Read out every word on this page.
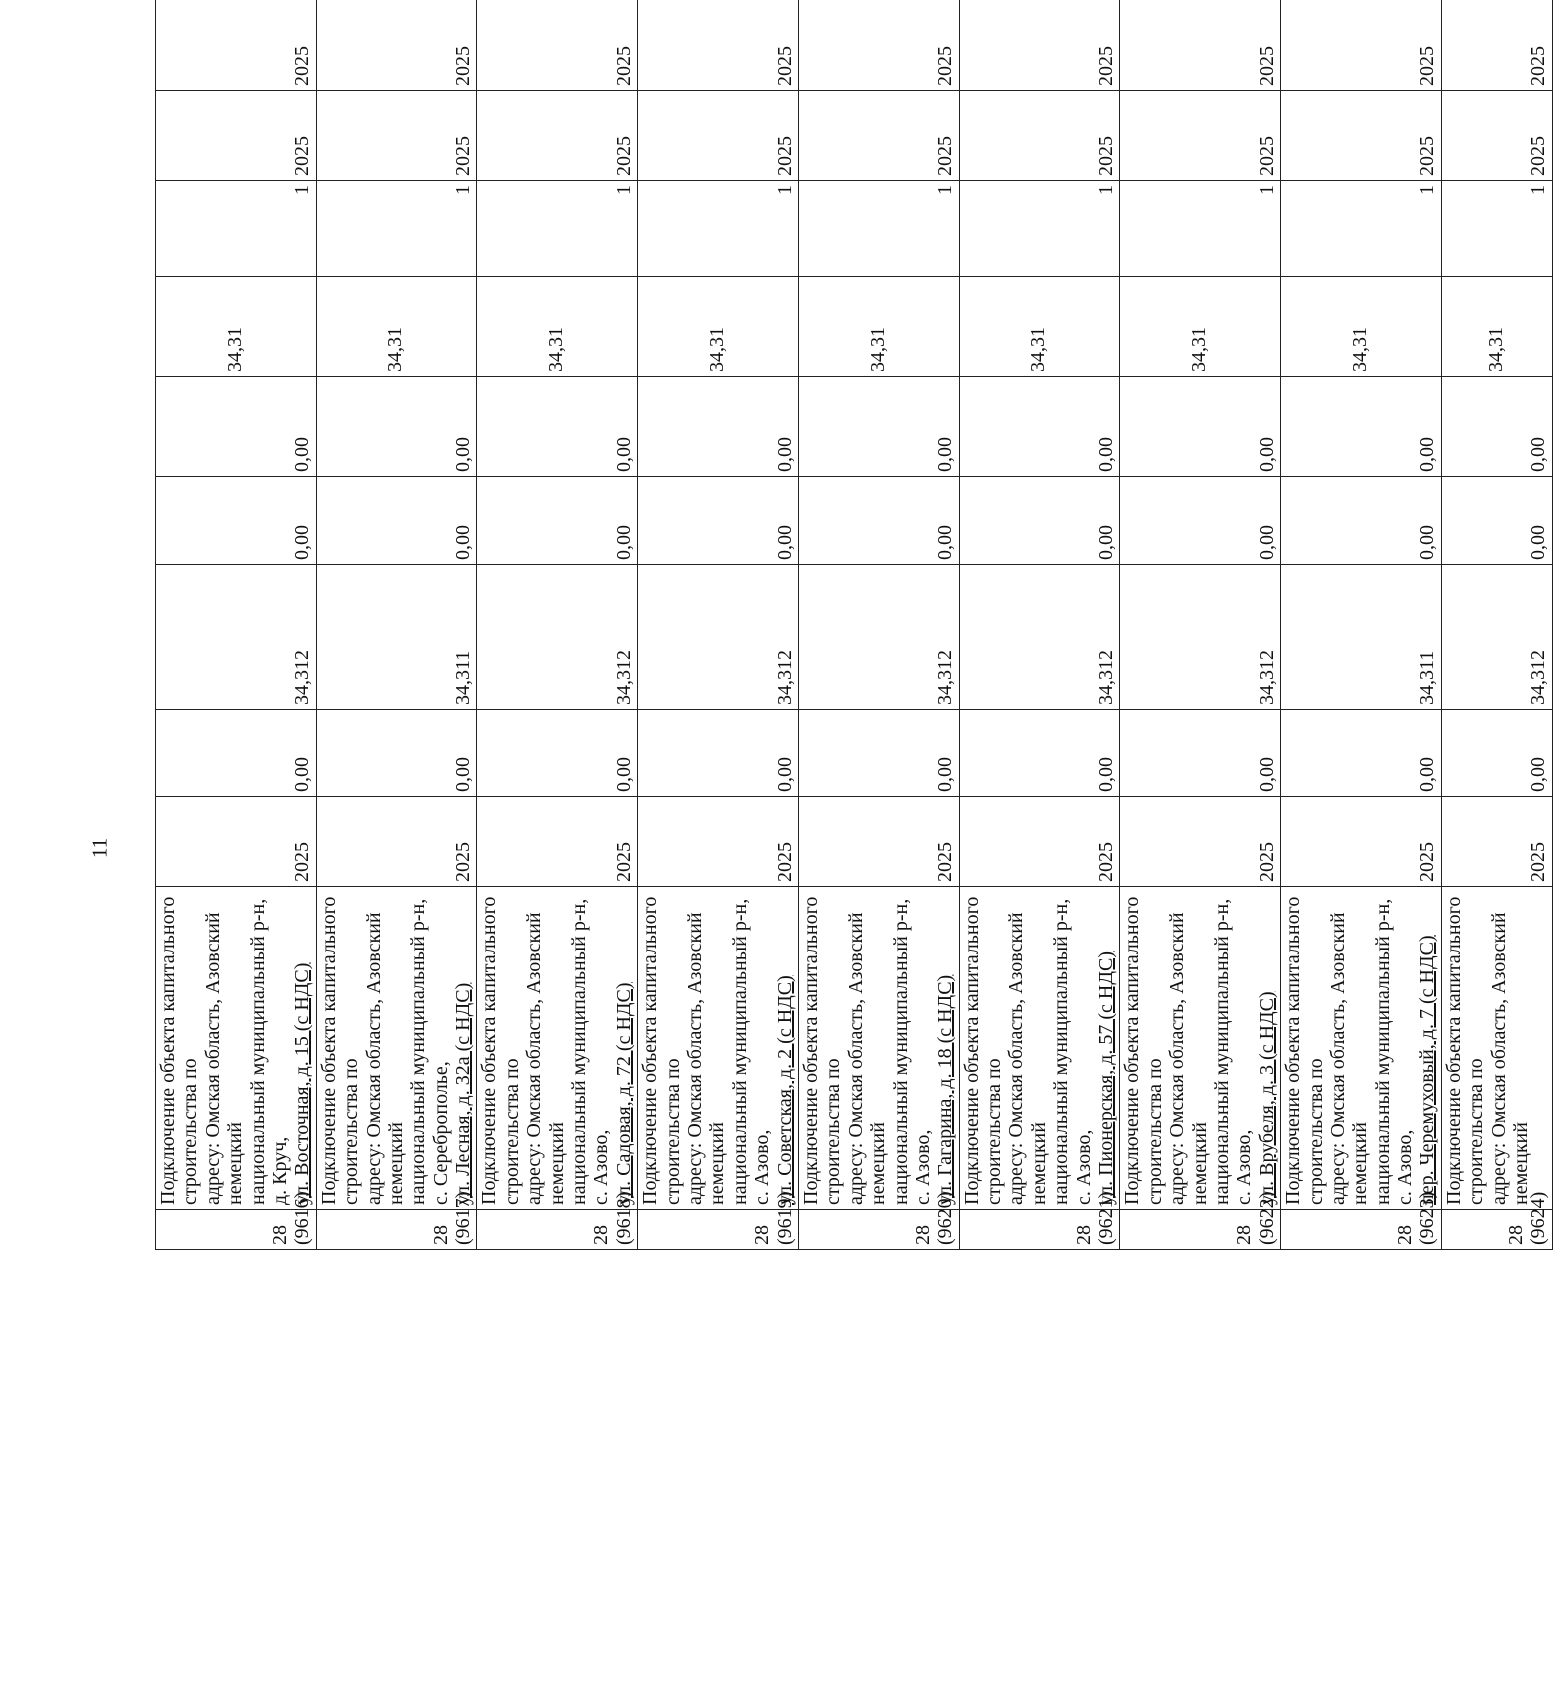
11
28 (9616)	Подключение объекта капитального строительства по адресу: Омская область, Азовский немецкий национальный муниципальный р-н, д. Круч, ул. Восточная, д. 15 (с НДС)	2025	0,00	34,312	0,00	0,00	34,31	1	2025	2025	

28 (9617)	Подключение объекта капитального строительства по адресу: Омская область, Азовский немецкий национальный муниципальный р-н, с. Сереброполье, ул. Лесная, д. 32а (с НДС)	2025	0,00	34,311	0,00	0,00	34,31	1	2025	2025	

28 (9618)	Подключение объекта капитального строительства по адресу: Омская область, Азовский немецкий национальный муниципальный р-н, с. Азово, ул. Садовая, д. 72 (с НДС)	2025	0,00	34,312	0,00	0,00	34,31	1	2025	2025	

28 (9619)	Подключение объекта капитального строительства по адресу: Омская область, Азовский немецкий национальный муниципальный р-н, с. Азово, ул. Советская, д. 2 (с НДС)	2025	0,00	34,312	0,00	0,00	34,31	1	2025	2025	

28 (9620)	Подключение объекта капитального строительства по адресу: Омская область, Азовский немецкий национальный муниципальный р-н, с. Азово, ул. Гагарина, д. 18 (с НДС)	2025	0,00	34,312	0,00	0,00	34,31	1	2025	2025	

28 (9621)	Подключение объекта капитального строительства по адресу: Омская область, Азовский немецкий национальный муниципальный р-н, с. Азово, ул. Пионерская, д. 57 (с НДС)	2025	0,00	34,312	0,00	0,00	34,31	1	2025	2025	

28 (9622)	Подключение объекта капитального строительства по адресу: Омская область, Азовский немецкий национальный муниципальный р-н, с. Азово, ул. Врубеля, д. 3 (с НДС)	2025	0,00	34,312	0,00	0,00	34,31	1	2025	2025	

28 (9623)	Подключение объекта капитального строительства по адресу: Омская область, Азовский немецкий национальный муниципальный р-н, с. Азово, пер. Черемуховый, д. 7 (с НДС)	2025	0,00	34,311	0,00	0,00	34,31	1	2025	2025	

28 (9624)	Подключение объекта капитального строительства по адресу: Омская область, Азовский немецкий	2025	0,00	34,312	0,00	0,00	34,31	1	2025	2025	
